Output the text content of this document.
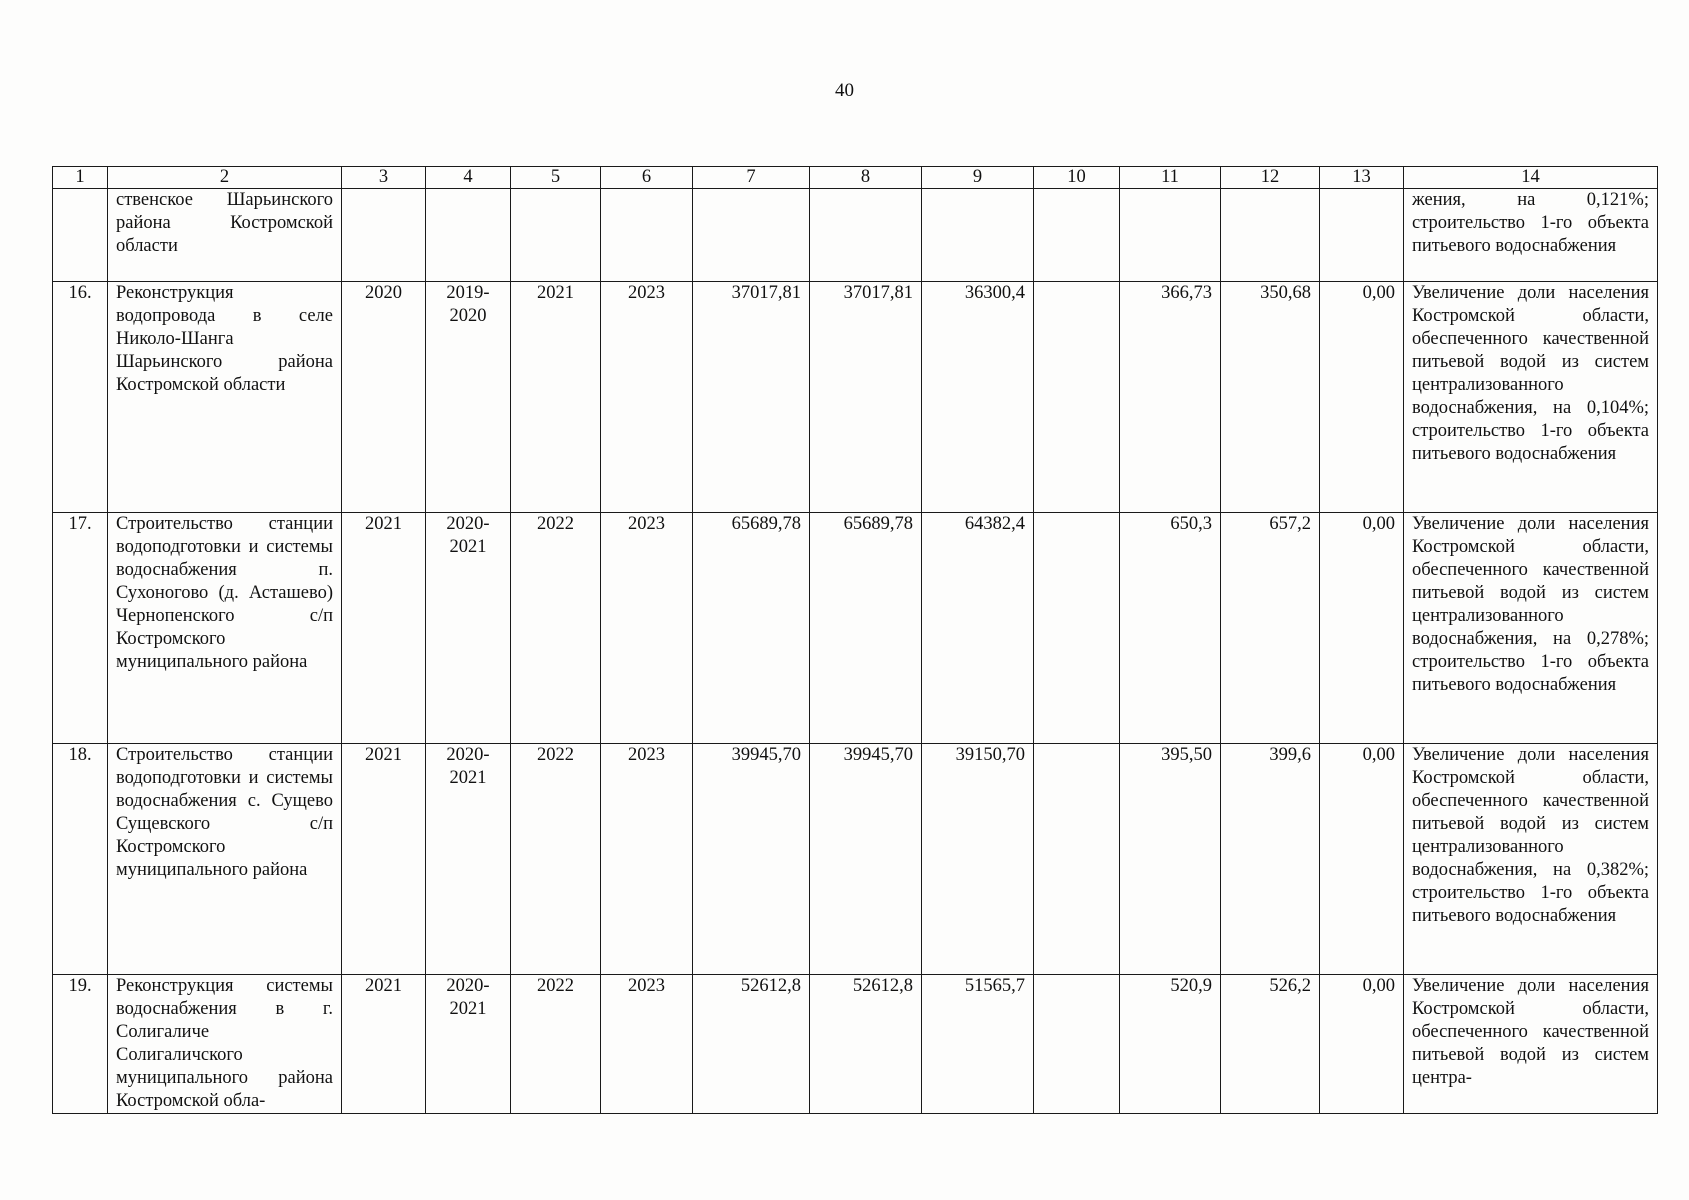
40
1	2	3	4	5	6	7	8	9	10	11	12	13	14
	ственское Шарьинского района Костромской области												жения, на 0,121%; строительство 1-го объекта питьевого водоснабжения
16.	Реконструкция водопровода в селе Николо-Шанга Шарьинского района Костромской области	2020	2019-2020	2021	2023	37017,81	37017,81	36300,4		366,73	350,68	0,00	Увеличение доли населения Костромской области, обеспеченного качественной питьевой водой из систем централизованного водоснабжения, на 0,104%; строительство 1-го объекта питьевого водоснабжения
17.	Строительство станции водоподготовки и системы водоснабжения п. Сухоногово (д. Асташево) Чернопенского с/п Костромского муниципального района	2021	2020-2021	2022	2023	65689,78	65689,78	64382,4		650,3	657,2	0,00	Увеличение доли населения Костромской области, обеспеченного качественной питьевой водой из систем централизованного водоснабжения, на 0,278%; строительство 1-го объекта питьевого водоснабжения
18.	Строительство станции водоподготовки и системы водоснабжения с. Сущево Сущевского с/п Костромского муниципального района	2021	2020-2021	2022	2023	39945,70	39945,70	39150,70		395,50	399,6	0,00	Увеличение доли населения Костромской области, обеспеченного качественной питьевой водой из систем централизованного водоснабжения, на 0,382%; строительство 1-го объекта питьевого водоснабжения
19.	Реконструкция системы водоснабжения в г. Солигаличе Солигаличского муниципального района Костромской обла-	2021	2020-2021	2022	2023	52612,8	52612,8	51565,7		520,9	526,2	0,00	Увеличение доли населения Костромской области, обеспеченного качественной питьевой водой из систем центра-
